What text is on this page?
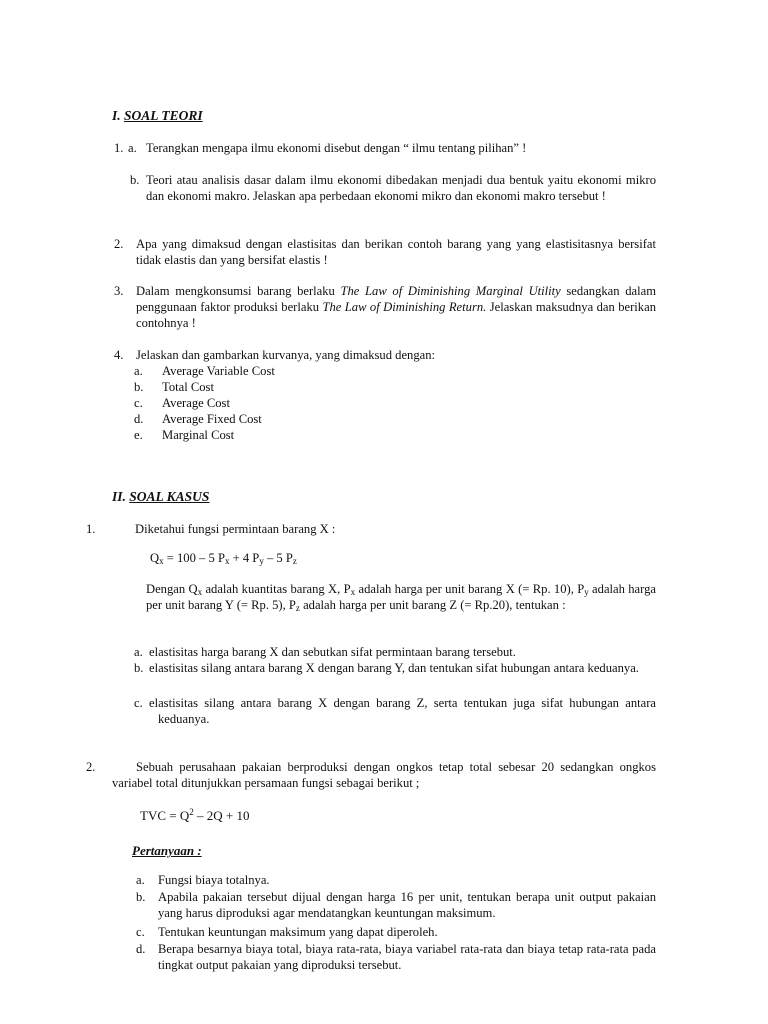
I. SOAL TEORI
1. a. Terangkan mengapa ilmu ekonomi disebut dengan “ ilmu tentang pilihan” !
b. Teori atau analisis dasar dalam ilmu ekonomi dibedakan menjadi dua bentuk yaitu ekonomi mikro dan ekonomi makro. Jelaskan apa perbedaan ekonomi mikro dan ekonomi makro tersebut !
2. Apa yang dimaksud dengan elastisitas dan berikan contoh barang yang yang elastisitasnya bersifat tidak elastis dan yang bersifat elastis !
3. Dalam mengkonsumsi barang berlaku The Law of Diminishing Marginal Utility sedangkan dalam penggunaan faktor produksi berlaku The Law of Diminishing Return. Jelaskan maksudnya dan berikan contohnya !
4. Jelaskan dan gambarkan kurvanya, yang dimaksud dengan:
a. Average Variable Cost
b. Total Cost
c. Average Cost
d. Average Fixed Cost
e. Marginal Cost
II. SOAL KASUS
1.	Diketahui fungsi permintaan barang X :
$Q_x = 100 - 5$ $P_x + 4$ $P_y - 5$ $P_z$
Dengan $Q_x$ adalah kuantitas barang X, $P_x$ adalah harga per unit barang X (= Rp. 10), $P_y$ adalah harga per unit barang Y (= Rp. 5), $P_z$ adalah harga per unit barang Z (= Rp.20), tentukan :
a. elastisitas harga barang X dan sebutkan sifat permintaan barang tersebut.
b. elastisitas silang antara barang X dengan barang Y, dan tentukan sifat hubungan antara keduanya.
c. elastisitas silang antara barang X dengan barang Z, serta tentukan juga sifat hubungan antara keduanya.
2.	Sebuah perusahaan pakaian berproduksi dengan ongkos tetap total sebesar 20 sedangkan ongkos variabel total ditunjukkan persamaan fungsi sebagai berikut ;
TVC = $Q^2 - 2Q + 10$
Pertanyaan :
a. Fungsi biaya totalnya.
b. Apabila pakaian tersebut dijual dengan harga 16 per unit, tentukan berapa unit output pakaian yang harus diproduksi agar mendatangkan keuntungan maksimum.
c. Tentukan keuntungan maksimum yang dapat diperoleh.
d. Berapa besarnya biaya total, biaya rata-rata, biaya variabel rata-rata dan biaya tetap rata-rata pada tingkat output pakaian yang diproduksi tersebut.
